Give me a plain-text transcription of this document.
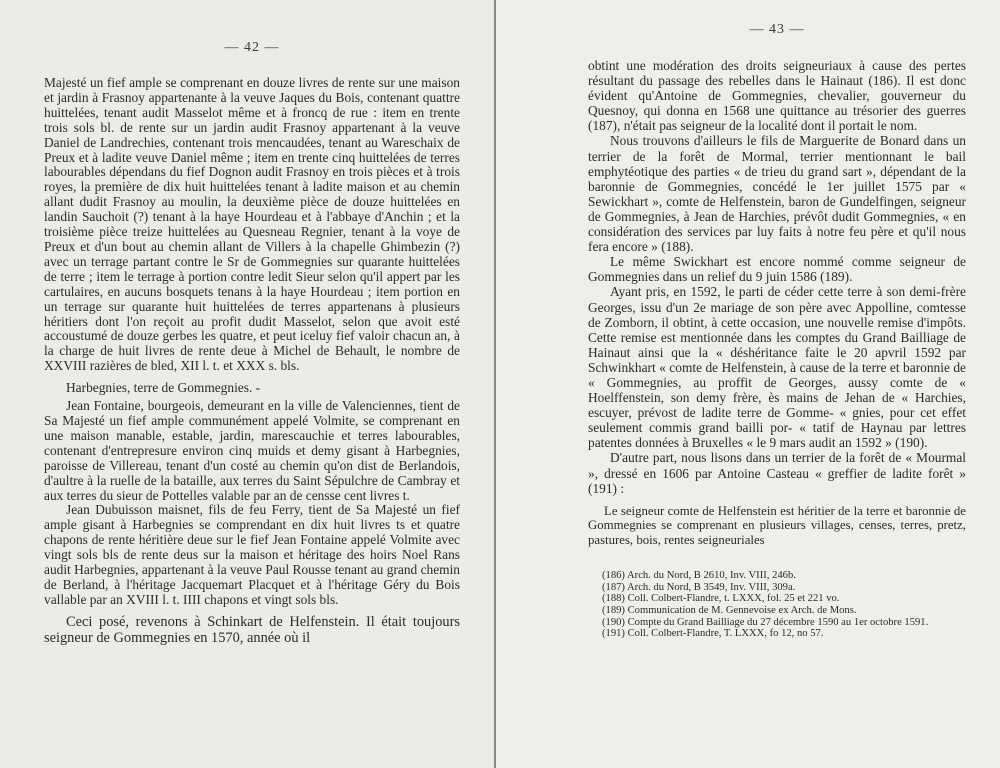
— 42 —

Majesté un fief ample se comprenant en douze livres de rente sur une maison et jardin à Frasnoy appartenante à la veuve Jaques du Bois, contenant quattre huittelées, tenant audit Masselot même et à froncq de rue : item en trente trois sols bl. de rente sur un jardin audit Frasnoy appartenant à la veuve Daniel de Landrechies, contenant trois mencaudées, tenant au Wareschaix de Preux et à ladite veuve Daniel même ; item en trente cinq huittelées de terres labourables dépendans du fief Dognon audit Frasnoy en trois pièces et à trois royes, la première de dix huit huittelées tenant à ladite maison et au chemin allant dudit Frasnoy au moulin, la deuxième pièce de douze huittelées en landin Sauchoit (?) tenant à la haye Hourdeau et à l'abbaye d'Anchin ; et la troisième pièce treize huittelées au Quesneau Regnier, tenant à la voye de Preux et d'un bout au chemin allant de Villers à la chapelle Ghimbezin (?) avec un terrage partant contre le Sr de Gommegnies sur quarante huittelées de terre ; item le terrage à portion contre ledit Sieur selon qu'il appert par les cartulaires, en aucuns bosquets tenans à la haye Hourdeau ; item portion en un terrage sur quarante huit huittelées de terres appartenans à plusieurs héritiers dont l'on reçoit au profit dudit Masselot, selon que avoit esté accoustumé de douze gerbes les quatre, et peut iceluy fief valoir chacun an, à la charge de huit livres de rente deue à Michel de Behault, le nombre de XXVIII razières de bled, XII l. t. et XXX s. bls.

Harbegnies, terre de Gommegnies. -

Jean Fontaine, bourgeois, demeurant en la ville de Valenciennes, tient de Sa Majesté un fief ample communément appelé Volmite, se comprenant en une maison manable, estable, jardin, marescauchie et terres labourables, contenant d'entrepresure environ cinq muids et demy gisant à Harbegnies, paroisse de Villereau, tenant d'un costé au chemin qu'on dist de Berlandois, d'aultre à la ruelle de la bataille, aux terres du Saint Sépulchre de Cambray et aux terres du sieur de Pottelles valable par an de censse cent livres t.

Jean Dubuisson maisnet, fils de feu Ferry, tient de Sa Majesté un fief ample gisant à Harbegnies se comprendant en dix huit livres ts et quatre chapons de rente héritière deue sur le fief Jean Fontaine appelé Volmite avec vingt sols bls de rente deus sur la maison et héritage des hoirs Noel Rans audit Harbegnies, appartenant à la veuve Paul Rousse tenant au grand chemin de Berland, à l'héritage Jacquemart Placquet et à l'héritage Géry du Bois vallable par an XVIII l. t. IIII chapons et vingt sols bls.

Ceci posé, revenons à Schinkart de Helfenstein. Il était toujours seigneur de Gommegnies en 1570, année où il

— 43 —

obtint une modération des droits seigneuriaux à cause des pertes résultant du passage des rebelles dans le Hainaut (186). Il est donc évident qu'Antoine de Gommegnies, chevalier, gouverneur du Quesnoy, qui donna en 1568 une quittance au trésorier des guerres (187), n'était pas seigneur de la localité dont il portait le nom.

Nous trouvons d'ailleurs le fils de Marguerite de Bonard dans un terrier de la forêt de Mormal, terrier mentionnant le bail emphytéotique des parties « de trieu du grand sart », dépendant de la baronnie de Gommegnies, concédé le 1er juillet 1575 par « Sewickhart », comte de Helfenstein, baron de Gundelfingen, seigneur de Gommegnies, à Jean de Harchies, prévôt dudit Gommegnies, « en considération des services par luy faits à notre feu père et qu'il nous fera encore » (188).

Le même Swickhart est encore nommé comme seigneur de Gommegnies dans un relief du 9 juin 1586 (189).

Ayant pris, en 1592, le parti de céder cette terre à son demi-frère Georges, issu d'un 2e mariage de son père avec Appolline, comtesse de Zomborn, il obtint, à cette occasion, une nouvelle remise d'impôts. Cette remise est mentionnée dans les comptes du Grand Bailliage de Hainaut ainsi que la « déshéritance faite le 20 apvril 1592 par Schwinkhart « comte de Helfenstein, à cause de la terre et baronnie de « Gommegnies, au proffit de Georges, aussy comte de « Hoelffenstein, son demy frère, ès mains de Jehan de « Harchies, escuyer, prévost de ladite terre de Gomme- « gnies, pour cet effet seulement commis grand bailli por- « tatif de Haynau par lettres patentes données à Bruxelles « le 9 mars audit an 1592 » (190).

D'autre part, nous lisons dans un terrier de la forêt de « Mourmal », dressé en 1606 par Antoine Casteau « greffier de ladite forêt » (191) :

Le seigneur comte de Helfenstein est héritier de la terre et baronnie de Gommegnies se comprenant en plusieurs villages, censes, terres, pretz, pastures, bois, rentes seigneuriales

(186) Arch. du Nord, B 2610, Inv. VIII, 246b.
(187) Arch. du Nord, B 3549, Inv. VIII, 309a.
(188) Coll. Colbert-Flandre, t. LXXX, fol. 25 et 221 vo.
(189) Communication de M. Gennevoise ex Arch. de Mons.
(190) Compte du Grand Bailliage du 27 décembre 1590 au 1er octobre 1591.
(191) Coll. Colbert-Flandre, T. LXXX, fo 12, no 57.
